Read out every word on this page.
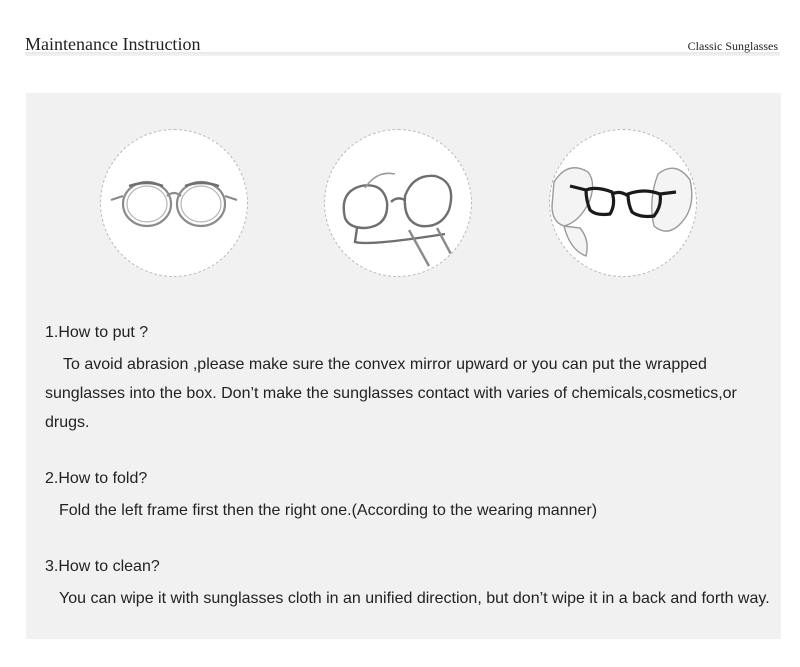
Maintenance Instruction	Classic Sunglasses
1.How to put ?
To avoid abrasion ,please make sure the convex mirror upward or you can put the wrapped sunglasses into the box. Don’t make the sunglasses contact with varies of chemicals,cosmetics,or drugs.
2.How to fold?
Fold the left frame first then the right one.(According to the wearing manner)
3.How to clean?
You can wipe it with sunglasses cloth in an unified direction, but don’t wipe it in a back and forth way.
